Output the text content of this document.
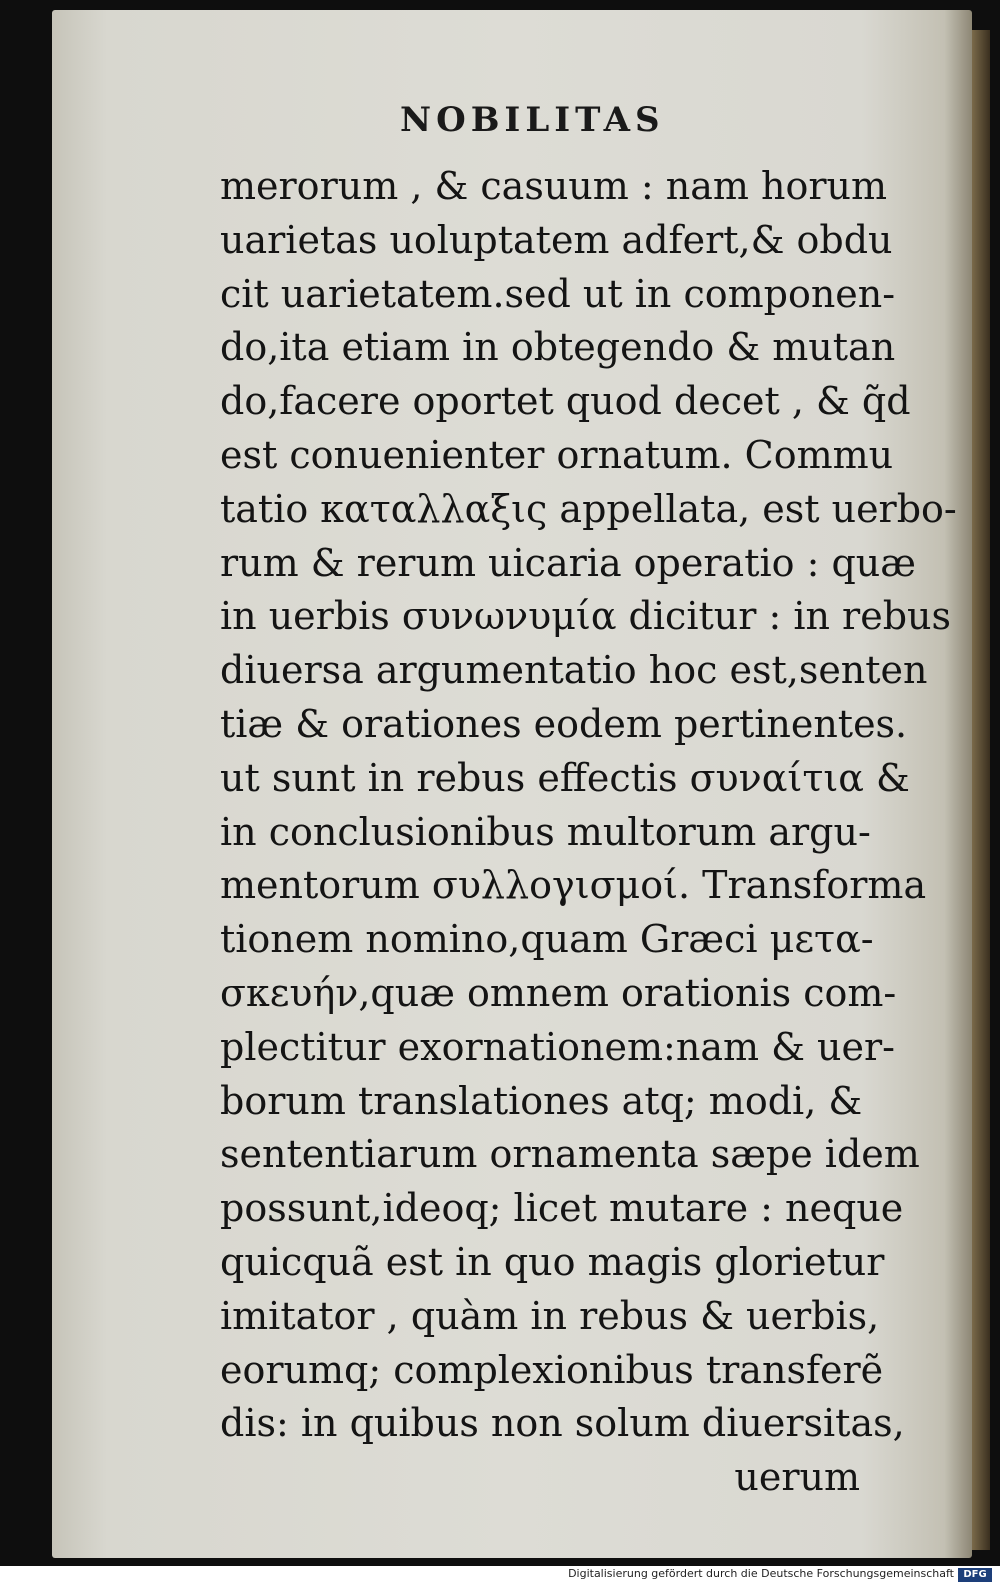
NOBILITAS
merorum , & casuum : nam horum
uarietas uoluptatem adfert,& obdu
cit uarietatem.sed ut in componen-
do,ita etiam in obtegendo & mutan
do,facere oportet quod decet , & q̃d
est conuenienter ornatum. Commu
tatio καταλλαξις appellata, est uerbo-
rum & rerum uicaria operatio : quæ
in uerbis συνωνυμία dicitur : in rebus
diuersa argumentatio hoc est,senten
tiæ & orationes eodem pertinentes.
ut sunt in rebus effectis συναίτια &
in conclusionibus multorum argu-
mentorum συλλογισμοί. Transforma
tionem nomino,quam Græci μετα-
σκευήν,quæ omnem orationis com-
plectitur exornationem:nam & uer-
borum translationes atq; modi, &
sententiarum ornamenta sæpe idem
possunt,ideoq; licet mutare : neque
quicquã est in quo magis glorietur
imitator , quàm in rebus & uerbis,
eorumq; complexionibus transferẽ
dis: in quibus non solum diuersitas,
uerum
Digitalisierung gefördert durch die Deutsche Forschungsgemeinschaft DFG
